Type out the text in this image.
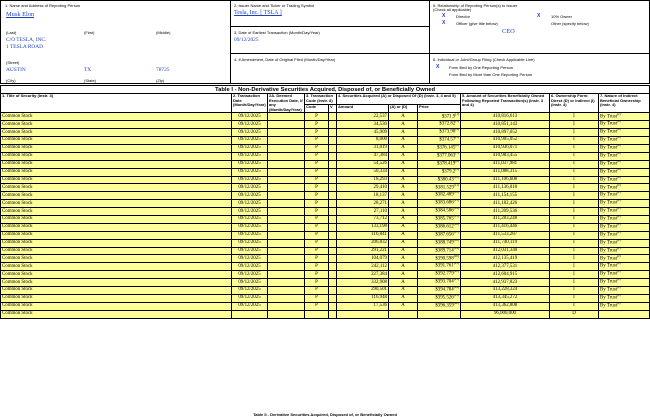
1. Name and Address of Reporting Person
Musk Elon
(Last)	(First)	(Middle)
C/O TESLA, INC.
1 TESLA ROAD
(Street)
AUSTIN	TX	78725
(City)	(State)	(Zip)
2. Issuer Name and Ticker or Trading Symbol
Tesla, Inc. [ TSLA ]
3. Date of Earliest Transaction (Month/Day/Year)
09/12/2025
4. If Amendment, Date of Original Filed (Month/Day/Year)
5. Relationship of Reporting Person(s) to Issuer
(Check all applicable)
X	Director	X	10% Owner
X	Officer (give title below)	Other (specify below)
CEO
6. Individual or Joint/Group Filing (Check Applicable Line)
X Form filed by One Reporting Person
Form filed by More than One Reporting Person
Table I - Non-Derivative Securities Acquired, Disposed of, or Beneficially Owned										
1. Title of Security (Instr. 3)	2. Transaction Date (Month/Day/Year)	2A. Deemed Execution Date, if any (Month/Day/Year)	3. Transaction Code (Instr. 8)		4. Securities Acquired (A) or Disposed Of (D) (Instr. 3, 4 and 5)			5. Amount of Securities Beneficially Owned Following Reported Transaction(s) (Instr. 3 and 4)	6. Ownership Form: Direct (D) or Indirect (I) (Instr. 4)	7. Nature of Indirect Beneficial Ownership (Instr. 4)
			Code	V	Amount	(A) or (D)	Price			
Common Stock	09/12/2025		P		22,537	A	$371.9$^{(1)}$	410,816,613	I	By Trust$^{(2)}$
Common Stock	09/12/2025		P		34,530	A	$372.82$^{(3)}$	410,851,143	I	By Trust$^{(2)}$
Common Stock	09/12/2025		P		45,909	A	$373.98$^{(4)}$	410,897,052	I	By Trust$^{(2)}$
Common Stock	09/12/2025		P		8,000	A	$374.57$^{(5)}$	410,905,052	I	By Trust$^{(2)}$
Common Stock	09/12/2025		P		31,019	A	$376.145$^{(6)}$	410,936,071	I	By Trust$^{(2)}$
Common Stock	09/12/2025		P		47,384	A	$377.063$^{(7)}$	410,983,455	I	By Trust$^{(2)}$
Common Stock	09/12/2025		P		54,526	A	$378.419$^{(8)}$	411,037,981	I	By Trust$^{(2)}$
Common Stock	09/12/2025		P		50,334	A	$379.2$^{(9)}$	411,088,315	I	By Trust$^{(2)}$
Common Stock	09/12/2025		P		18,293	A	$380.43$^{(10)}$	411,106,608	I	By Trust$^{(2)}$
Common Stock	09/12/2025		P		29,410	A	$381.529$^{(11)}$	411,136,018	I	By Trust$^{(2)}$
Common Stock	09/12/2025		P		18,137	A	$382.489$^{(12)}$	411,154,155	I	By Trust$^{(2)}$
Common Stock	09/12/2025		P		28,271	A	$383.686$^{(13)}$	411,182,426	I	By Trust$^{(2)}$
Common Stock	09/12/2025		P		27,110	A	$384.586$^{(14)}$	411,209,536	I	By Trust$^{(2)}$
Common Stock	09/12/2025		P		73,712	A	$385.765$^{(15)}$	411,283,248	I	By Trust$^{(2)}$
Common Stock	09/12/2025		P		133,198	A	$386.612$^{(16)}$	411,416,446	I	By Trust$^{(2)}$
Common Stock	09/12/2025		P		116,841	A	$387.656$^{(17)}$	411,533,287	I	By Trust$^{(2)}$
Common Stock	09/12/2025		P		206,832	A	$388.749$^{(18)}$	411,740,119	I	By Trust$^{(2)}$
Common Stock	09/12/2025		P		291,221	A	$389.714$^{(19)}$	412,031,340	I	By Trust$^{(2)}$
Common Stock	09/12/2025		P		104,079	A	$390.598$^{(20)}$	412,135,419	I	By Trust$^{(2)}$
Common Stock	09/12/2025		P		242,112	A	$391.761$^{(21)}$	412,377,531	I	By Trust$^{(2)}$
Common Stock	09/12/2025		P		227,384	A	$392.779$^{(22)}$	412,604,915	I	By Trust$^{(2)}$
Common Stock	09/12/2025		P		332,908	A	$393.704$^{(23)}$	412,937,823	I	By Trust$^{(2)}$
Common Stock	09/12/2025		P		290,501	A	$394.784$^{(24)}$	413,228,324	I	By Trust$^{(2)}$
Common Stock	09/12/2025		P		116,948	A	$395.526$^{(25)}$	413,345,272	I	By Trust$^{(2)}$
Common Stock	09/12/2025		P		17,536	A	$396.359$^{(26)}$	413,362,808	I	By Trust$^{(2)}$
Common Stock								96,000,000	D	
Table II - Derivative Securities Acquired, Disposed of, or Beneficially Owned
